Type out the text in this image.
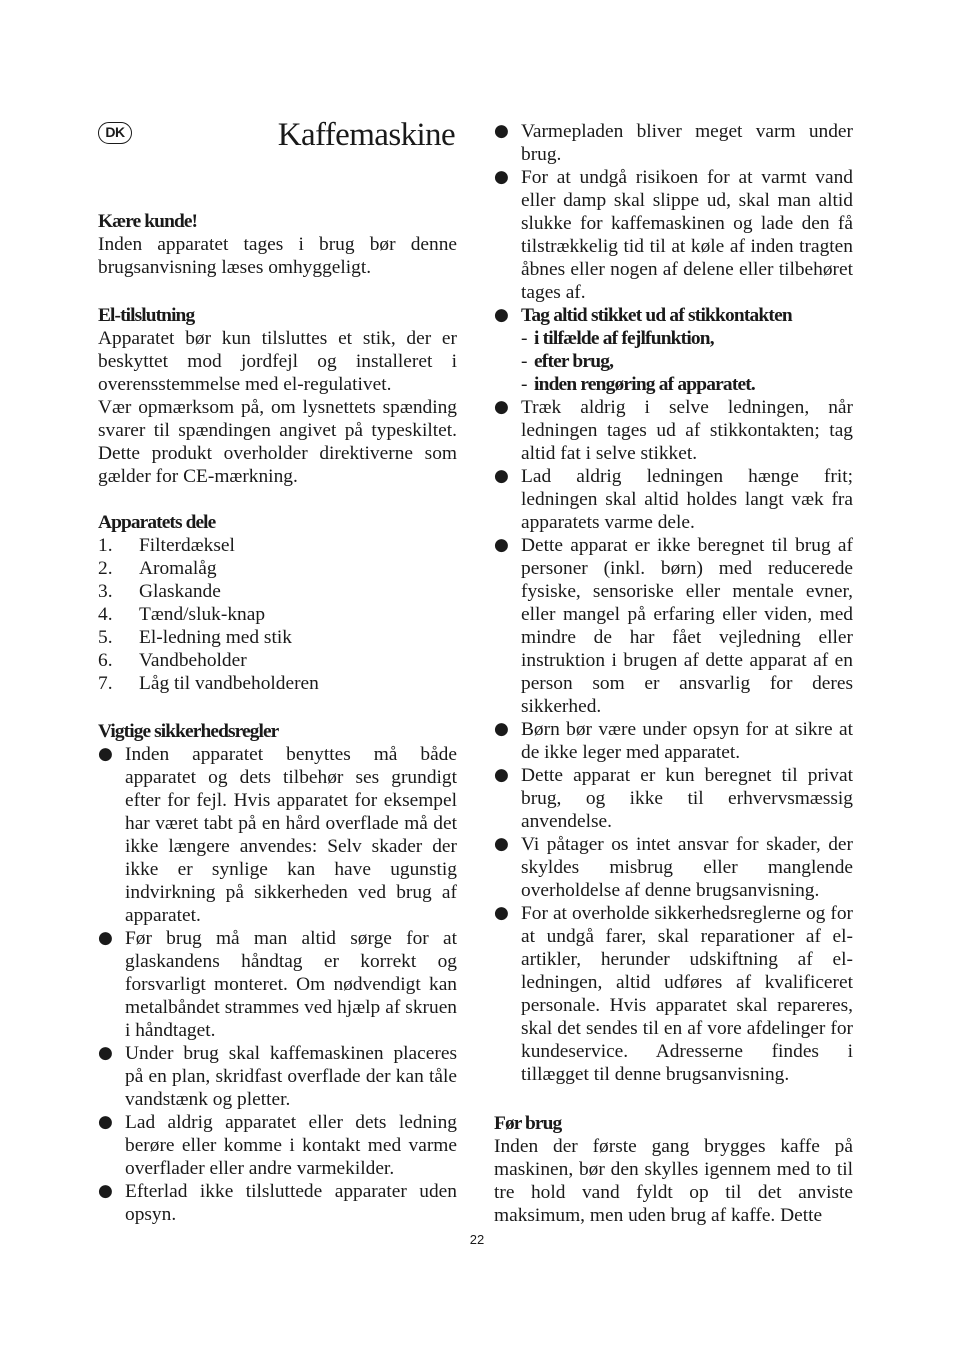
DK	Kaffemaskine

Kære kunde!

Inden apparatet tages i brug bør denne brugsanvisning læses omhyggeligt.

El-tilslutning

Apparatet bør kun tilsluttes et stik, der er beskyttet mod jordfejl og installeret i overensstemmelse med el-regulativet.

Vær opmærksom på, om lysnettets spænding svarer til spændingen angivet på typeskiltet. Dette produkt overholder direktiverne som gælder for CE-mærkning.

Apparatets dele

1.	Filterdæksel
2.	Aromalåg
3.	Glaskande
4.	Tænd/sluk-knap
5.	El-ledning med stik
6.	Vandbeholder
7.	Låg til vandbeholderen

Vigtige sikkerhedsregler

● Inden apparatet benyttes må både apparatet og dets tilbehør ses grundigt efter for fejl. Hvis apparatet for eksempel har været tabt på en hård overflade må det ikke længere anvendes: Selv skader der ikke er synlige kan have ugunstig indvirkning på sikkerheden ved brug af apparatet.
● Før brug må man altid sørge for at glaskandens håndtag er korrekt og forsvarligt monteret. Om nødvendigt kan metalbåndet strammes ved hjælp af skruen i håndtaget.
● Under brug skal kaffemaskinen placeres på en plan, skridfast overflade der kan tåle vandstænk og pletter.
● Lad aldrig apparatet eller dets ledning berøre eller komme i kontakt med varme overflader eller andre varmekilder.
● Efterlad ikke tilsluttede apparater uden opsyn.
● Varmepladen bliver meget varm under brug.
● For at undgå risikoen for at varmt vand eller damp skal slippe ud, skal man altid slukke for kaffemaskinen og lade den få tilstrækkelig tid til at køle af inden tragten åbnes eller nogen af delene eller tilbehøret tages af.
● Tag altid stikket ud af stikkontakten
- i tilfælde af fejlfunktion,
- efter brug,
- inden rengøring af apparatet.
● Træk aldrig i selve ledningen, når ledningen tages ud af stikkontakten; tag altid fat i selve stikket.
● Lad aldrig ledningen hænge frit; ledningen skal altid holdes langt væk fra apparatets varme dele.
● Dette apparat er ikke beregnet til brug af personer (inkl. børn) med reducerede fysiske, sensoriske eller mentale evner, eller mangel på erfaring eller viden, med mindre de har fået vejledning eller instruktion i brugen af dette apparat af en person som er ansvarlig for deres sikkerhed.
● Børn bør være under opsyn for at sikre at de ikke leger med apparatet.
● Dette apparat er kun beregnet til privat brug, og ikke til erhvervsmæssig anvendelse.
● Vi påtager os intet ansvar for skader, der skyldes misbrug eller manglende overholdelse af denne brugsanvisning.
● For at overholde sikkerhedsreglerne og for at undgå farer, skal reparationer af el-artikler, herunder udskiftning af el-ledningen, altid udføres af kvalificeret personale. Hvis apparatet skal repareres, skal det sendes til en af vore afdelinger for kundeservice. Adresserne findes i tillægget til denne brugsanvisning.

Før brug

Inden der første gang brygges kaffe på maskinen, bør den skylles igennem med to til tre hold vand fyldt op til det anviste maksimum, men uden brug af kaffe. Dette

22
